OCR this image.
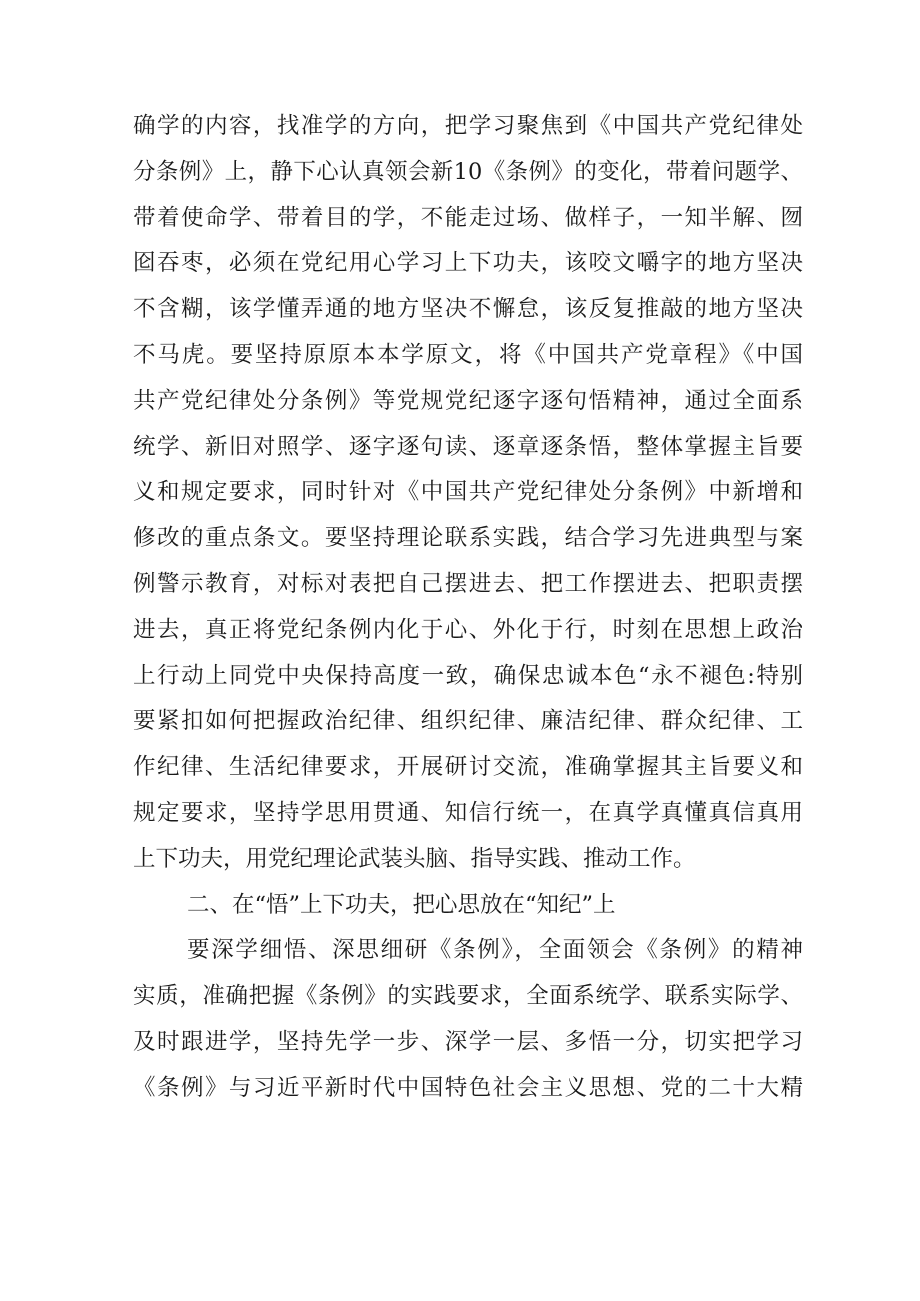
确学的内容，找准学的方向，把学习聚焦到《中国共产党纪律处
分条例》上，静下心认真领会新10《条例》的变化，带着问题学、
带着使命学、带着目的学，不能走过场、做样子，一知半解、囫
囵吞枣，必须在党纪用心学习上下功夫，该咬文嚼字的地方坚决
不含糊，该学懂弄通的地方坚决不懈怠，该反复推敲的地方坚决
不马虎。要坚持原原本本学原文，将《中国共产党章程》《中国
共产党纪律处分条例》等党规党纪逐字逐句悟精神，通过全面系
统学、新旧对照学、逐字逐句读、逐章逐条悟，整体掌握主旨要
义和规定要求，同时针对《中国共产党纪律处分条例》中新增和
修改的重点条文。要坚持理论联系实践，结合学习先进典型与案
例警示教育，对标对表把自己摆进去、把工作摆进去、把职责摆
进去，真正将党纪条例内化于心、外化于行，时刻在思想上政治
上行动上同党中央保持高度一致，确保忠诚本色“永不褪色:特别
要紧扣如何把握政治纪律、组织纪律、廉洁纪律、群众纪律、工
作纪律、生活纪律要求，开展研讨交流，准确掌握其主旨要义和
规定要求，坚持学思用贯通、知信行统一，在真学真懂真信真用
上下功夫，用党纪理论武装头脑、指导实践、推动工作。
二、在“悟”上下功夫，把心思放在“知纪”上
要深学细悟、深思细研《条例》，全面领会《条例》的精神
实质，准确把握《条例》的实践要求，全面系统学、联系实际学、
及时跟进学，坚持先学一步、深学一层、多悟一分，切实把学习
《条例》与习近平新时代中国特色社会主义思想、党的二十大精
